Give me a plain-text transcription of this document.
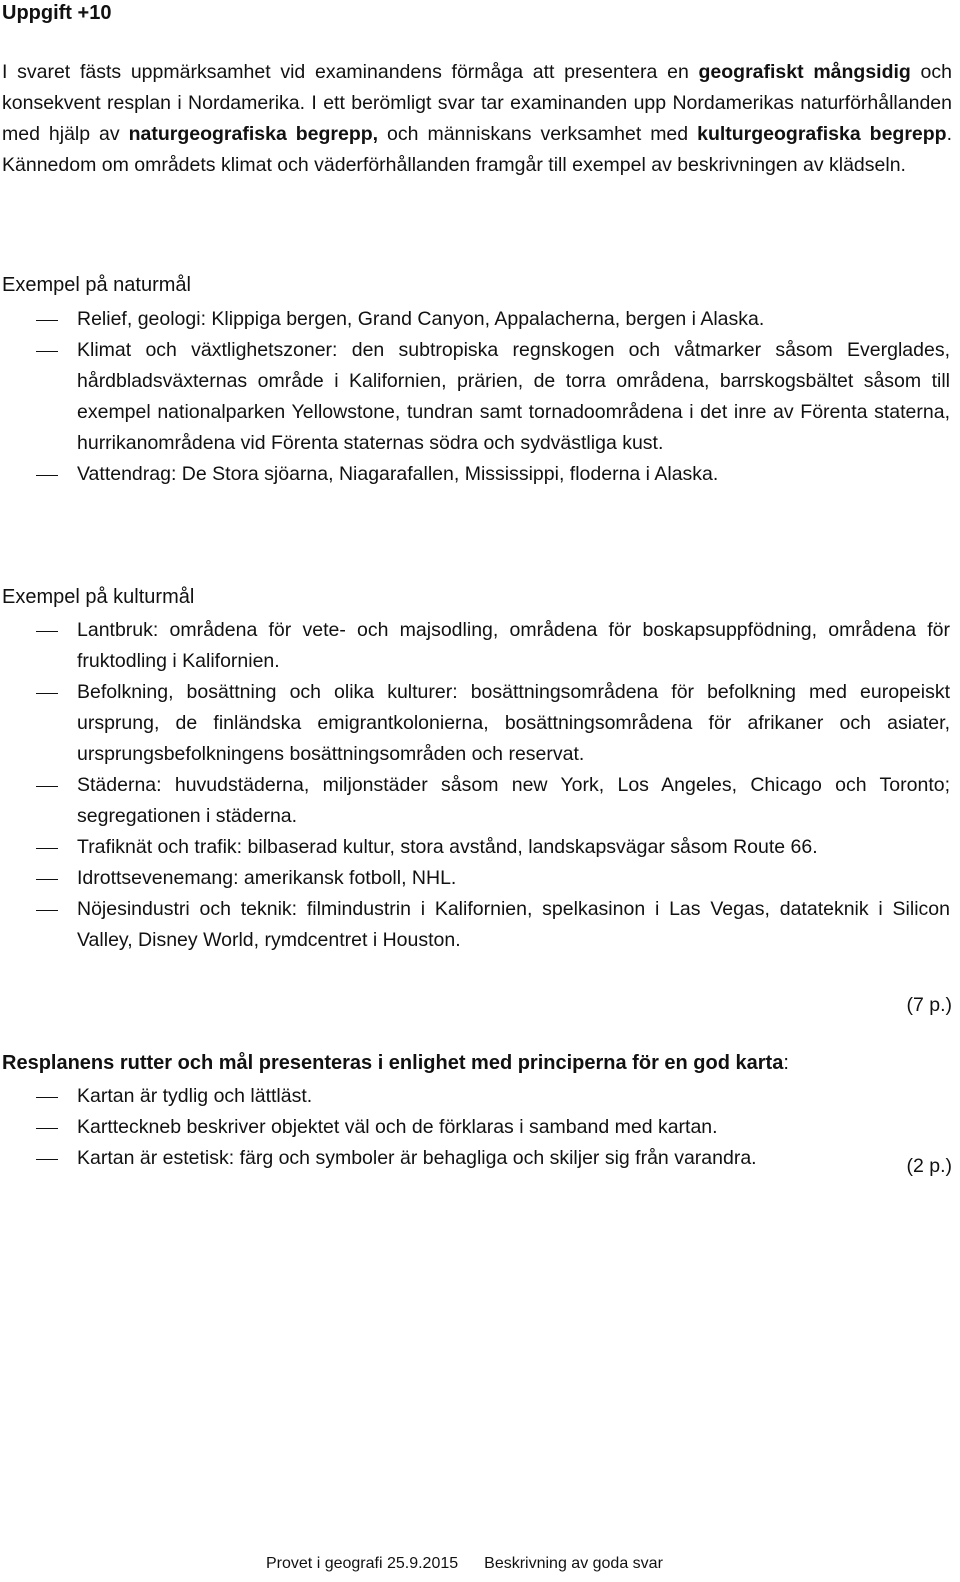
Uppgift +10

I svaret fästs uppmärksamhet vid examinandens förmåga att presentera en geografiskt mångsidig och konsekvent resplan i Nordamerika. I ett berömligt svar tar examinanden upp Nordamerikas naturförhållanden med hjälp av naturgeografiska begrepp, och människans verksamhet med kulturgeografiska begrepp. Kännedom om områdets klimat och väderförhållanden framgår till exempel av beskrivningen av klädseln.

Exempel på naturmål
Relief, geologi: Klippiga bergen, Grand Canyon, Appalacherna, bergen i Alaska.
Klimat och växtlighetszoner: den subtropiska regnskogen och våtmarker såsom Everglades, hårdbladsväxternas område i Kalifornien, prärien, de torra områdena, barrskogsbältet såsom till exempel nationalparken Yellowstone, tundran samt tornadoområdena i det inre av Förenta staterna, hurrikanområdena vid Förenta staternas södra och sydvästliga kust.
Vattendrag: De Stora sjöarna, Niagarafallen, Mississippi, floderna i Alaska.
Exempel på kulturmål
Lantbruk: områdena för vete- och majsodling, områdena för boskapsuppfödning, områdena för fruktodling i Kalifornien.
Befolkning, bosättning och olika kulturer: bosättningsområdena för befolkning med europeiskt ursprung, de finländska emigrantkolonierna, bosättningsområdena för afrikaner och asiater, ursprungsbefolkningens bosättningsområden och reservat.
Städerna: huvudstäderna, miljonstäder såsom new York, Los Angeles, Chicago och Toronto; segregationen i städerna.
Trafiknät och trafik: bilbaserad kultur, stora avstånd, landskapsvägar såsom Route 66.
Idrottsevenemang: amerikansk fotboll, NHL.
Nöjesindustri och teknik: filmindustrin i Kalifornien, spelkasinon i Las Vegas, datateknik i Silicon Valley, Disney World, rymdcentret i Houston.
(7 p.)
Resplanens rutter och mål presenteras i enlighet med principerna för en god karta:
Kartan är tydlig och lättläst.
Kartteckneb beskriver objektet väl och de förklaras i samband med kartan.
Kartan är estetisk: färg och symboler är behagliga och skiljer sig från varandra.	(2 p.)
Provet i geografi 25.9.2015 Beskrivning av goda svar
